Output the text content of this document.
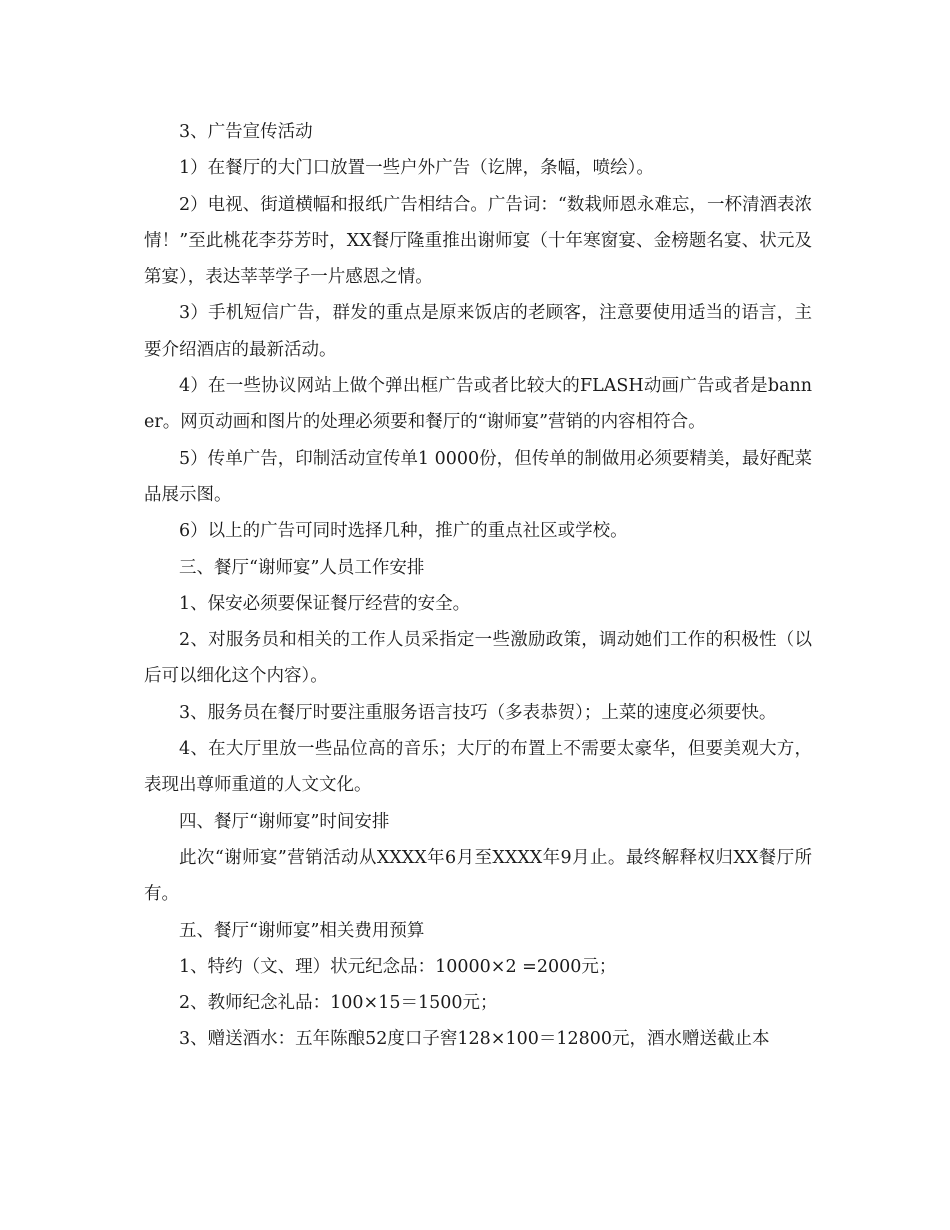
3、广告宣传活动

1）在餐厅的大门口放置一些户外广告（讫牌，条幅，喷绘）。

2）电视、街道横幅和报纸广告相结合。广告词：“数栽师恩永难忘，一杯清酒表浓情！”至此桃花李芬芳时，XX餐厅隆重推出谢师宴（十年寒窗宴、金榜题名宴、状元及第宴），表达莘莘学子一片感恩之情。

3）手机短信广告，群发的重点是原来饭店的老顾客，注意要使用适当的语言，主要介绍酒店的最新活动。

4）在一些协议网站上做个弹出框广告或者比较大的FLASH动画广告或者是banner。网页动画和图片的处理必须要和餐厅的“谢师宴”营销的内容相符合。

5）传单广告，印制活动宣传单1 0000份，但传单的制做用必须要精美，最好配菜品展示图。

6）以上的广告可同时选择几种，推广的重点社区或学校。

三、餐厅“谢师宴”人员工作安排

1、保安必须要保证餐厅经营的安全。

2、对服务员和相关的工作人员采指定一些激励政策，调动她们工作的积极性（以后可以细化这个内容）。

3、服务员在餐厅时要注重服务语言技巧（多表恭贺）；上菜的速度必须要快。

4、在大厅里放一些品位高的音乐；大厅的布置上不需要太豪华，但要美观大方，表现出尊师重道的人文文化。

四、餐厅“谢师宴”时间安排

此次“谢师宴”营销活动从XXXX年6月至XXXX年9月止。最终解释权归XX餐厅所有。

五、餐厅“谢师宴”相关费用预算

1、特约（文、理）状元纪念品：10000×2 =2000元；

2、教师纪念礼品：100×15＝1500元；

3、赠送酒水：五年陈酿52度口子窖128×100＝12800元，酒水赠送截止本
